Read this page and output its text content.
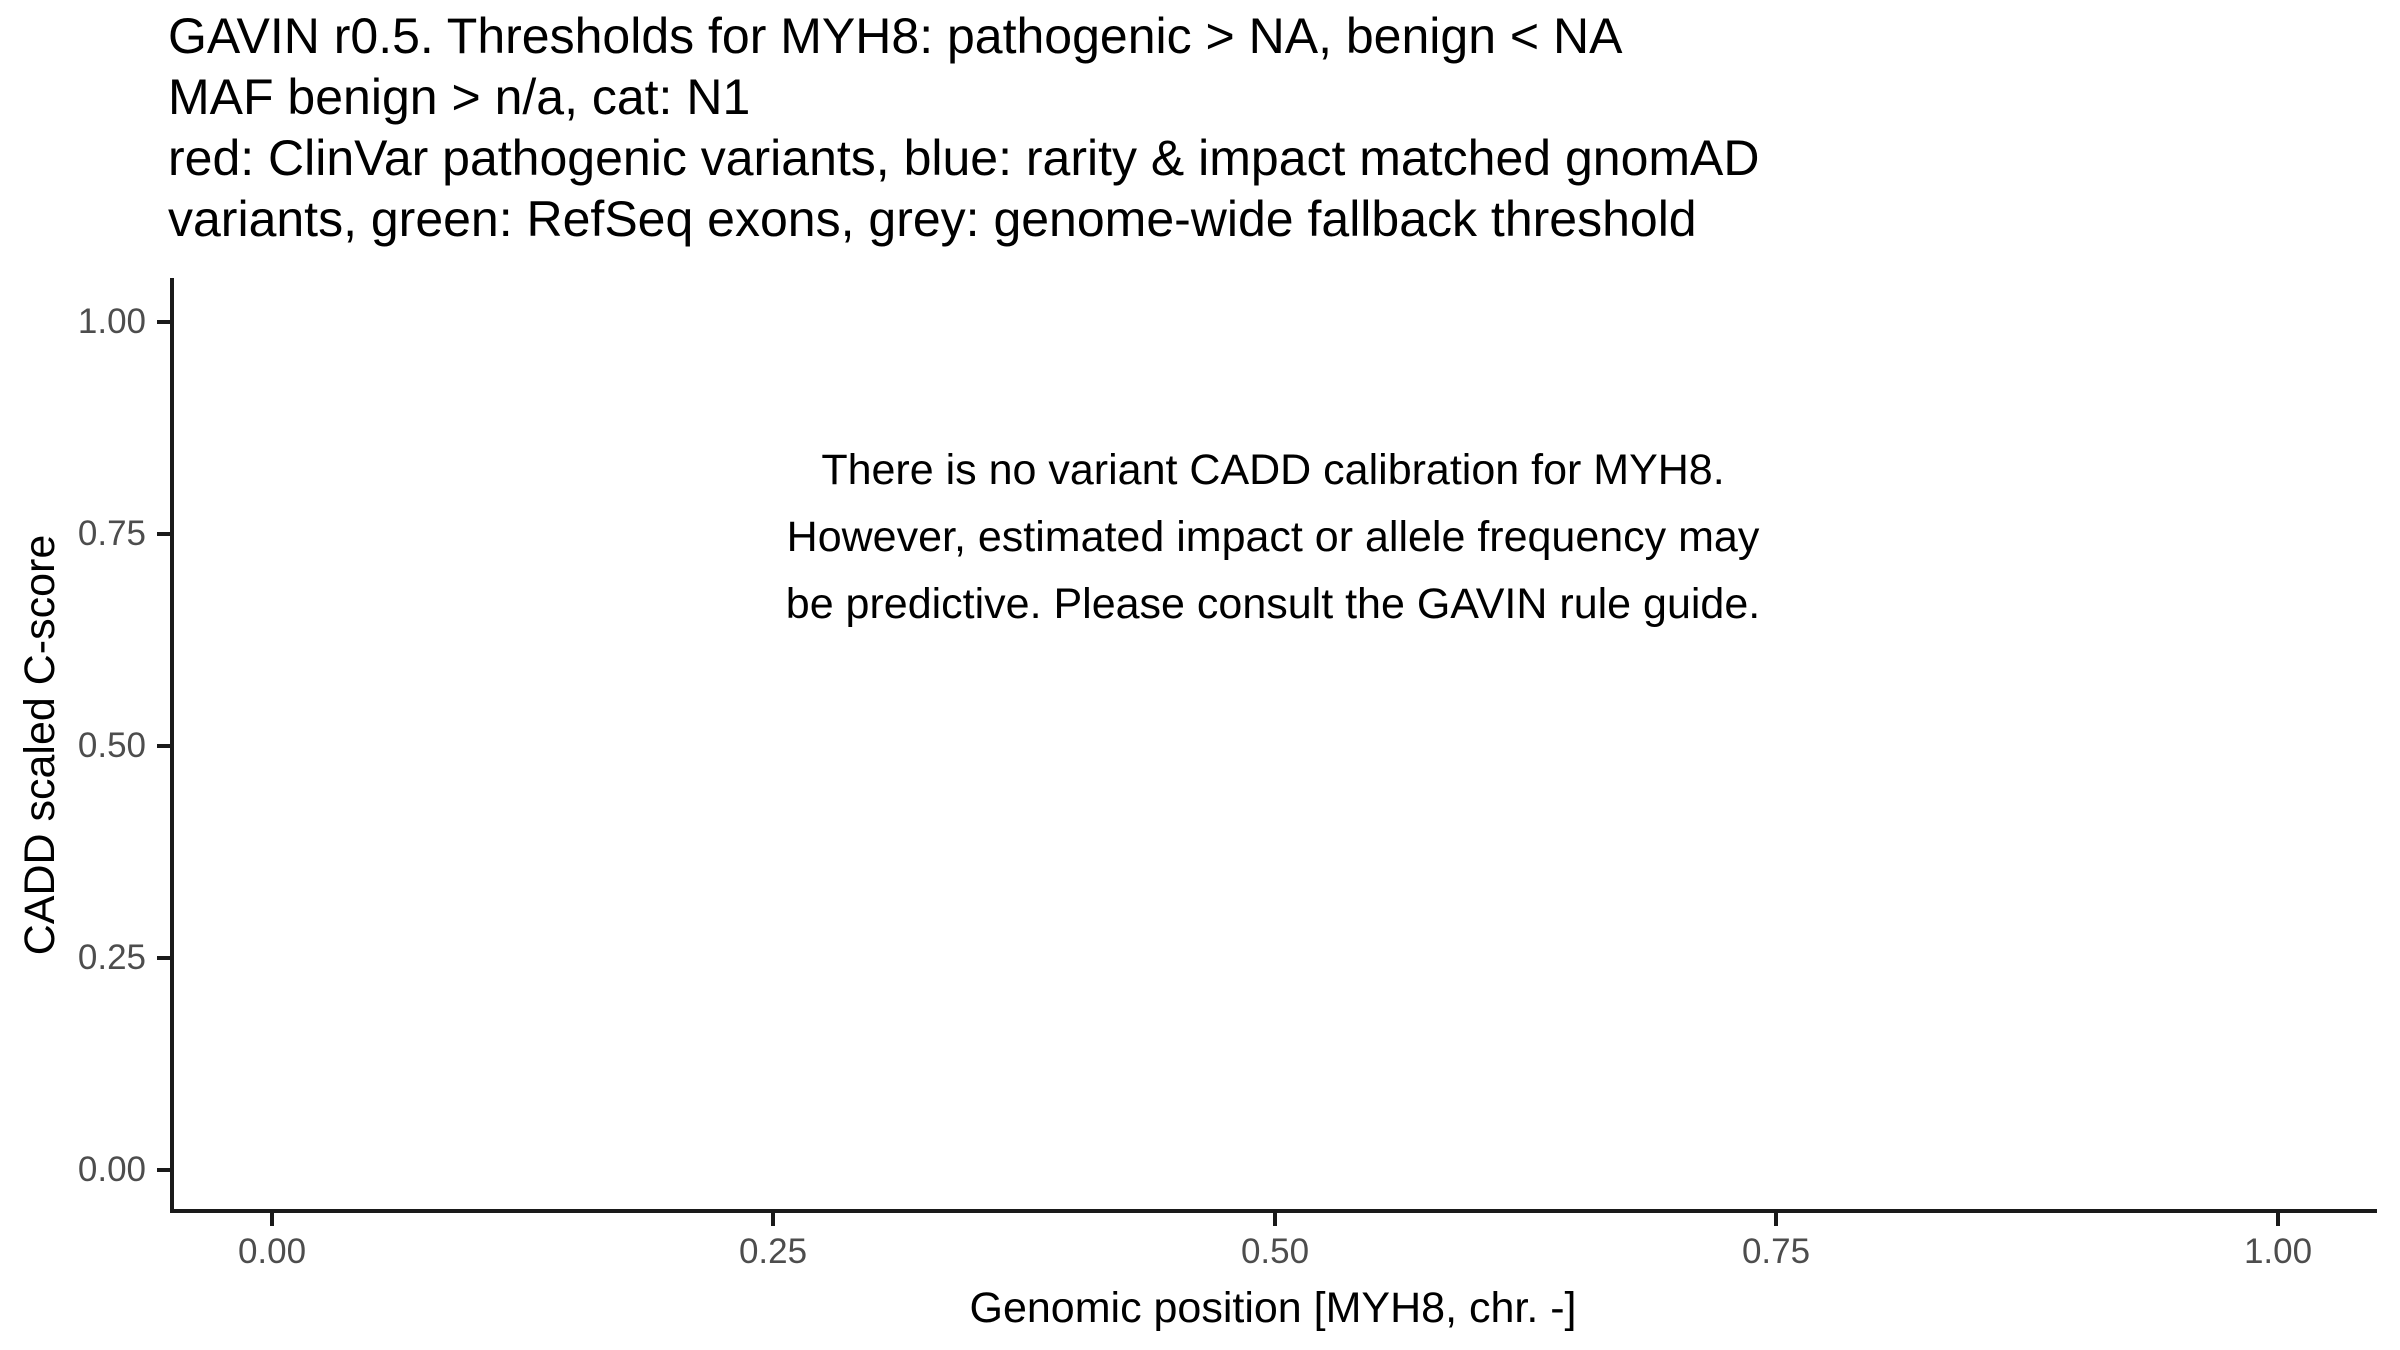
GAVIN r0.5. Thresholds for MYH8: pathogenic > NA, benign < NA
MAF benign > n/a, cat: N1
red: ClinVar pathogenic variants, blue: rarity & impact matched gnomAD
variants, green: RefSeq exons, grey: genome-wide fallback threshold
There is no variant CADD calibration for MYH8.
However, estimated impact or allele frequency may
be predictive. Please consult the GAVIN rule guide.
1.00
0.75
0.50
0.25
0.00
0.00	0.25	0.50	0.75	1.00
Genomic position [MYH8, chr. -]
CADD scaled C-score
